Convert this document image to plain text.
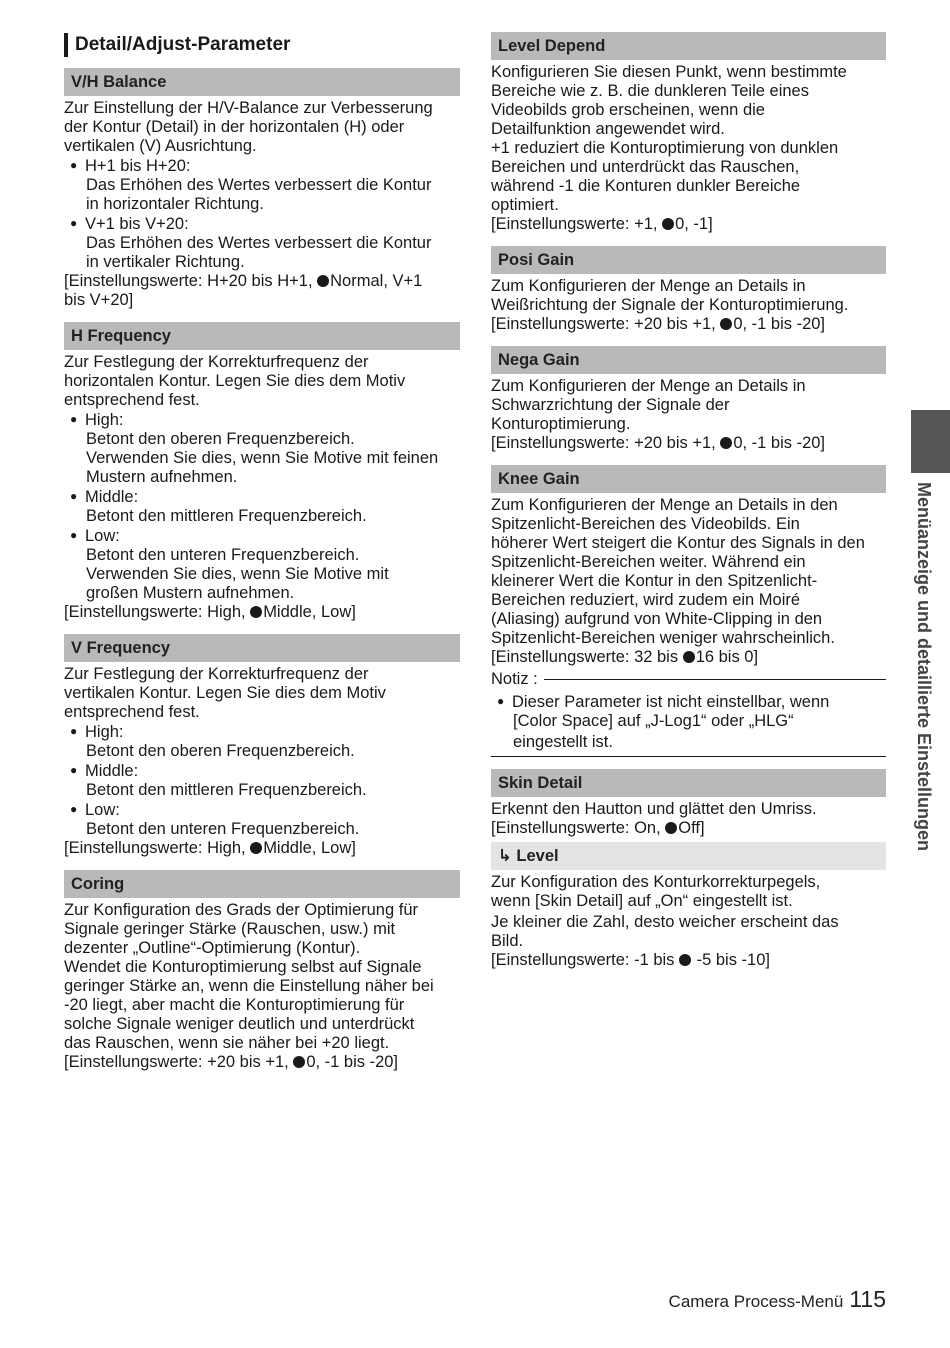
Detail/Adjust-Parameter
V/H Balance
Zur Einstellung der H/V-Balance zur Verbesserung
der Kontur (Detail) in der horizontalen (H) oder
vertikalen (V) Ausrichtung.
● H+1 bis H+20:
Das Erhöhen des Wertes verbessert die Kontur
in horizontaler Richtung.
● V+1 bis V+20:
Das Erhöhen des Wertes verbessert die Kontur
in vertikaler Richtung.
[Einstellungswerte: H+20 bis H+1, Normal, V+1
bis V+20]
H Frequency
Zur Festlegung der Korrekturfrequenz der
horizontalen Kontur. Legen Sie dies dem Motiv
entsprechend fest.
● High:
Betont den oberen Frequenzbereich.
Verwenden Sie dies, wenn Sie Motive mit feinen
Mustern aufnehmen.
● Middle:
Betont den mittleren Frequenzbereich.
● Low:
Betont den unteren Frequenzbereich.
Verwenden Sie dies, wenn Sie Motive mit
großen Mustern aufnehmen.
[Einstellungswerte: High, Middle, Low]
V Frequency
Zur Festlegung der Korrekturfrequenz der
vertikalen Kontur. Legen Sie dies dem Motiv
entsprechend fest.
● High:
Betont den oberen Frequenzbereich.
● Middle:
Betont den mittleren Frequenzbereich.
● Low:
Betont den unteren Frequenzbereich.
[Einstellungswerte: High, Middle, Low]
Coring
Zur Konfiguration des Grads der Optimierung für
Signale geringer Stärke (Rauschen, usw.) mit
dezenter „Outline“-Optimierung (Kontur).
Wendet die Konturoptimierung selbst auf Signale
geringer Stärke an, wenn die Einstellung näher bei
-20 liegt, aber macht die Konturoptimierung für
solche Signale weniger deutlich und unterdrückt
das Rauschen, wenn sie näher bei +20 liegt.
[Einstellungswerte: +20 bis +1, 0, -1 bis -20]
Level Depend
Konfigurieren Sie diesen Punkt, wenn bestimmte
Bereiche wie z. B. die dunkleren Teile eines
Videobilds grob erscheinen, wenn die
Detailfunktion angewendet wird.
+1 reduziert die Konturoptimierung von dunklen
Bereichen und unterdrückt das Rauschen,
während -1 die Konturen dunkler Bereiche
optimiert.
[Einstellungswerte: +1, 0, -1]
Posi Gain
Zum Konfigurieren der Menge an Details in
Weißrichtung der Signale der Konturoptimierung.
[Einstellungswerte: +20 bis +1, 0, -1 bis -20]
Nega Gain
Zum Konfigurieren der Menge an Details in
Schwarzrichtung der Signale der
Konturoptimierung.
[Einstellungswerte: +20 bis +1, 0, -1 bis -20]
Knee Gain
Zum Konfigurieren der Menge an Details in den
Spitzenlicht-Bereichen des Videobilds. Ein
höherer Wert steigert die Kontur des Signals in den
Spitzenlicht-Bereichen weiter. Während ein
kleinerer Wert die Kontur in den Spitzenlicht-
Bereichen reduziert, wird zudem ein Moiré
(Aliasing) aufgrund von White-Clipping in den
Spitzenlicht-Bereichen weniger wahrscheinlich.
[Einstellungswerte: 32 bis 16 bis 0]
Notiz :
● Dieser Parameter ist nicht einstellbar, wenn
[Color Space] auf „J-Log1“ oder „HLG“
eingestellt ist.
Skin Detail
Erkennt den Hautton und glättet den Umriss.
[Einstellungswerte: On, Off]
↳ Level
Zur Konfiguration des Konturkorrekturpegels,
wenn [Skin Detail] auf „On“ eingestellt ist.
Je kleiner die Zahl, desto weicher erscheint das
Bild.
[Einstellungswerte: -1 bis  -5 bis -10]
Menüanzeige und detaillierte Einstellungen
Camera Process-Menü 115
